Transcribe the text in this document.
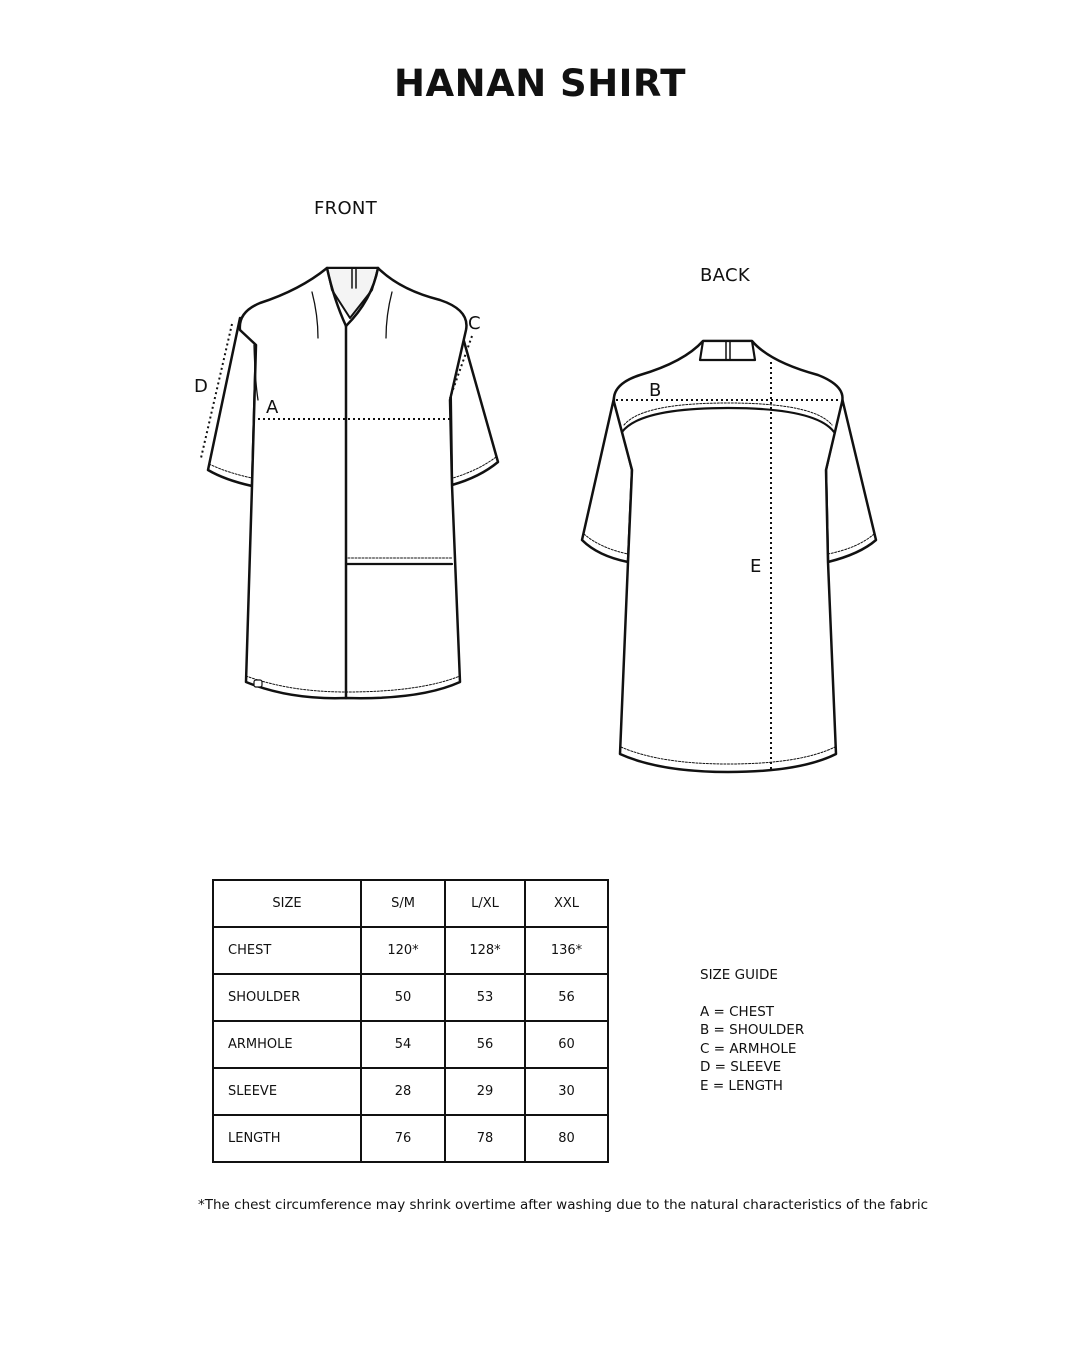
HANAN SHIRT
FRONT
BACK
A
D
C
B
E
SIZE	S/M	L/XL	XXL
CHEST	120*	128*	136*
SHOULDER	50	53	56
ARMHOLE	54	56	60
SLEEVE	28	29	30
LENGTH	76	78	80
SIZE GUIDE
A = CHEST
B = SHOULDER
C = ARMHOLE
D = SLEEVE
E = LENGTH
*The chest circumference may shrink overtime after washing due to the natural characteristics of the fabric
